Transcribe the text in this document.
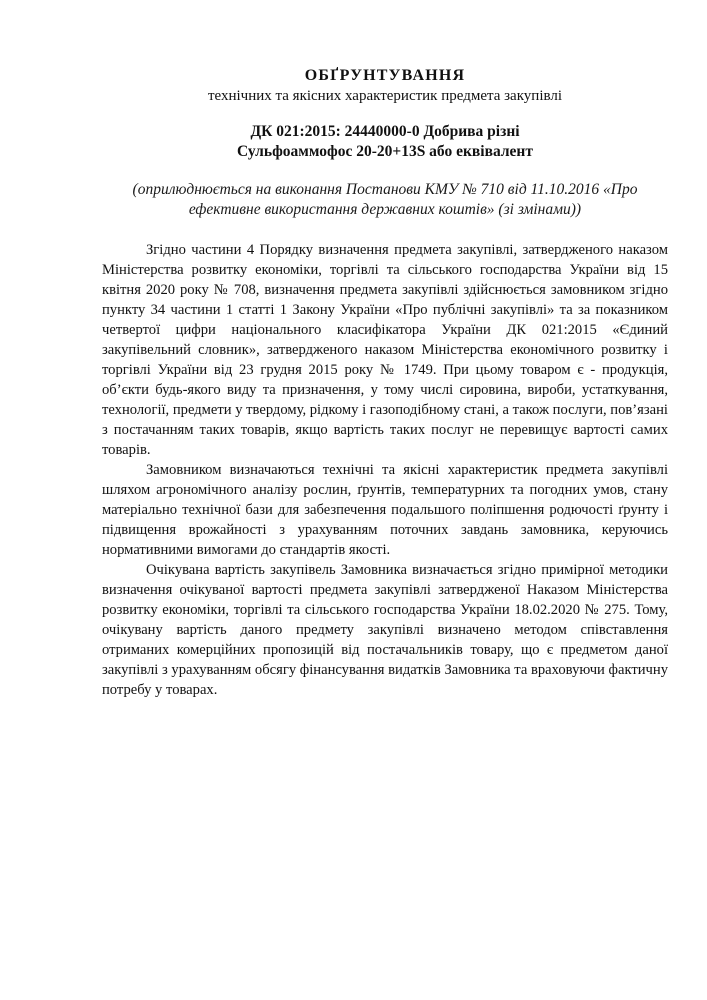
ОБҐРУНТУВАННЯ
технічних та якісних характеристик предмета закупівлі
ДК 021:2015: 24440000-0 Добрива різні
Сульфоаммофос 20-20+13S або еквівалент
(оприлюднюється на виконання Постанови КМУ № 710 від 11.10.2016 «Про ефективне використання державних коштів» (зі змінами))

Згідно частини 4 Порядку визначення предмета закупівлі, затвердженого наказом Міністерства розвитку економіки, торгівлі та сільського господарства України від 15 квітня 2020 року № 708, визначення предмета закупівлі здійснюється замовником згідно пункту 34 частини 1 статті 1 Закону України «Про публічні закупівлі» та за показником четвертої цифри національного класифікатора України ДК 021:2015 «Єдиний закупівельний словник», затвердженого наказом Міністерства економічного розвитку і торгівлі України від 23 грудня 2015 року № 1749. При цьому товаром є - продукція, об’єкти будь-якого виду та призначення, у тому числі сировина, вироби, устаткування, технології, предмети у твердому, рідкому і газоподібному стані, а також послуги, пов’язані з постачанням таких товарів, якщо вартість таких послуг не перевищує вартості самих товарів.

Замовником визначаються технічні та якісні характеристик предмета закупівлі шляхом агрономічного аналізу рослин, ґрунтів, температурних та погодних умов, стану матеріально технічної бази для забезпечення подальшого поліпшення родючості ґрунту і підвищення врожайності з урахуванням поточних завдань замовника, керуючись нормативними вимогами до стандартів якості.

Очікувана вартість закупівель Замовника визначається згідно примірної методики визначення очікуваної вартості предмета закупівлі затвердженої Наказом Міністерства розвитку економіки, торгівлі та сільського господарства України 18.02.2020 № 275. Тому, очікувану вартість даного предмету закупівлі визначено методом співставлення отриманих комерційних пропозицій від постачальників товару, що є предметом даної закупівлі з урахуванням обсягу фінансування видатків Замовника та враховуючи фактичну потребу у товарах.
